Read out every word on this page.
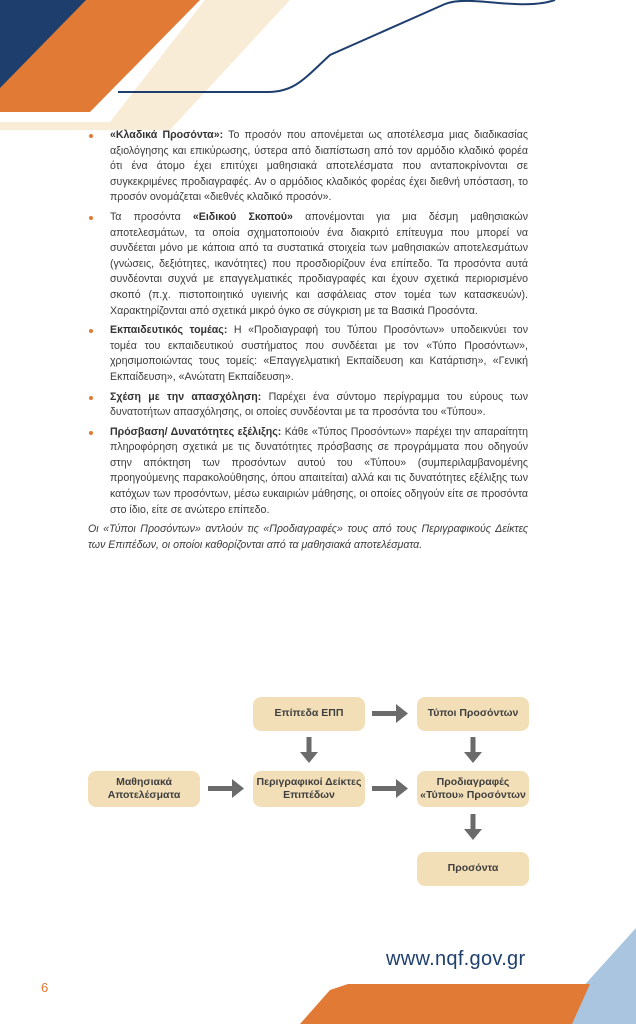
«Κλαδικά Προσόντα»: Το προσόν που απονέμεται ως αποτέλεσμα μιας διαδικασίας αξιολόγησης και επικύρωσης, ύστερα από διαπίστωση από τον αρμόδιο κλαδικό φορέα ότι ένα άτομο έχει επιτύχει μαθησιακά αποτελέσματα που ανταποκρίνονται σε συγκεκριμένες προδιαγραφές. Αν ο αρμόδιος κλαδικός φορέας έχει διεθνή υπόσταση, το προσόν ονομάζεται «διεθνές κλαδικό προσόν».
Τα προσόντα «Ειδικού Σκοπού» απονέμονται για μια δέσμη μαθησιακών αποτελεσμάτων, τα οποία σχηματοποιούν ένα διακριτό επίτευγμα που μπορεί να συνδέεται μόνο με κάποια από τα συστατικά στοιχεία των μαθησιακών αποτελεσμάτων (γνώσεις, δεξιότητες, ικανότητες) που προσδιορίζουν ένα επίπεδο. Τα προσόντα αυτά συνδέονται συχνά με επαγγελματικές προδιαγραφές και έχουν σχετικά περιορισμένο σκοπό (π.χ. πιστοποιητικό υγιεινής και ασφάλειας στον τομέα των κατασκευών). Χαρακτηρίζονται από σχετικά μικρό όγκο σε σύγκριση με τα Βασικά Προσόντα.
Εκπαιδευτικός τομέας: Η «Προδιαγραφή του Τύπου Προσόντων» υποδεικνύει τον τομέα του εκπαιδευτικού συστήματος που συνδέεται με τον «Τύπο Προσόντων», χρησιμοποιώντας τους τομείς: «Επαγγελματική Εκπαίδευση και Κατάρτιση», «Γενική Εκπαίδευση», «Ανώτατη Εκπαίδευση».
Σχέση με την απασχόληση: Παρέχει ένα σύντομο περίγραμμα του εύρους των δυνατοτήτων απασχόλησης, οι οποίες συνδέονται με τα προσόντα του «Τύπου».
Πρόσβαση/ Δυνατότητες εξέλιξης: Κάθε «Τύπος Προσόντων» παρέχει την απαραίτητη πληροφόρηση σχετικά με τις δυνατότητες πρόσβασης σε προγράμματα που οδηγούν στην απόκτηση των προσόντων αυτού του «Τύπου» (συμπεριλαμβανομένης προηγούμενης παρακολούθησης, όπου απαιτείται) αλλά και τις δυνατότητες εξέλιξης των κατόχων των προσόντων, μέσω ευκαιριών μάθησης, οι οποίες οδηγούν είτε σε προσόντα στο ίδιο, είτε σε ανώτερο επίπεδο.
Οι «Τύποι Προσόντων» αντλούν τις «Προδιαγραφές» τους από τους Περιγραφικούς Δείκτες των Επιπέδων, οι οποίοι καθορίζονται από τα μαθησιακά αποτελέσματα.
Επίπεδα ΕΠΠ	Τύποι Προσόντων
Μαθησιακά
Αποτελέσματα
Περιγραφικοί Δείκτες
Επιπέδων
Προδιαγραφές
«Τύπου» Προσόντων
Προσόντα
www.nqf.gov.gr
6
